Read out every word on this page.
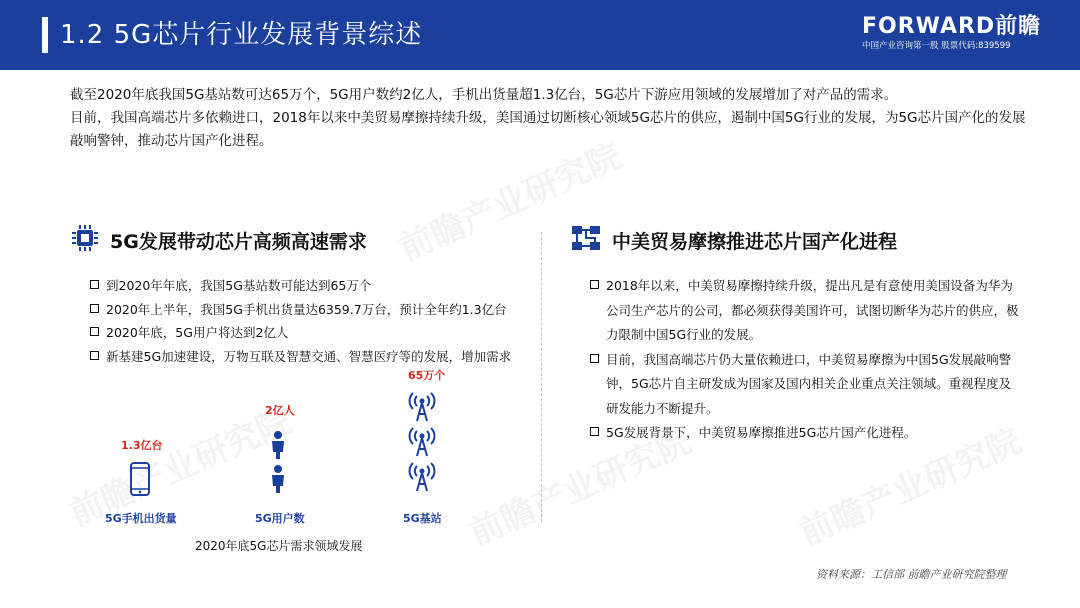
1.2 5G芯片行业发展背景综述	FORWARD前瞻
中国产业咨询第一股 股票代码:839599

截至2020年底我国5G基站数可达65万个，5G用户数约2亿人，手机出货量超1.3亿台，5G芯片下游应用领域的发展增加了对产品的需求。

目前，我国高端芯片多依赖进口，2018年以来中美贸易摩擦持续升级，美国通过切断核心领域5G芯片的供应，遏制中国5G行业的发展，为5G芯片国产化的发展敲响警钟，推动芯片国产化进程。

5G发展带动芯片高频高速需求	中美贸易摩擦推进芯片国产化进程
到2020年年底，我国5G基站数可能达到65万个
2020年上半年，我国5G手机出货量达6359.7万台，预计全年约1.3亿台
2020年底，5G用户将达到2亿人
新基建5G加速建设，万物互联及智慧交通、智慧医疗等的发展，增加需求
2018年以来，中美贸易摩擦持续升级，提出凡是有意使用美国设备为华为公司生产芯片的公司，都必须获得美国许可，试图切断华为芯片的供应，极力限制中国5G行业的发展。
目前，我国高端芯片仍大量依赖进口，中美贸易摩擦为中国5G发展敲响警钟，5G芯片自主研发成为国家及国内相关企业重点关注领域。重视程度及研发能力不断提升。
5G发展背景下，中美贸易摩擦推进5G芯片国产化进程。
1.3亿台
5G手机出货量
2亿人
5G用户数
65万个
5G基站
2020年底5G芯片需求领域发展
资料来源：工信部 前瞻产业研究院整理
